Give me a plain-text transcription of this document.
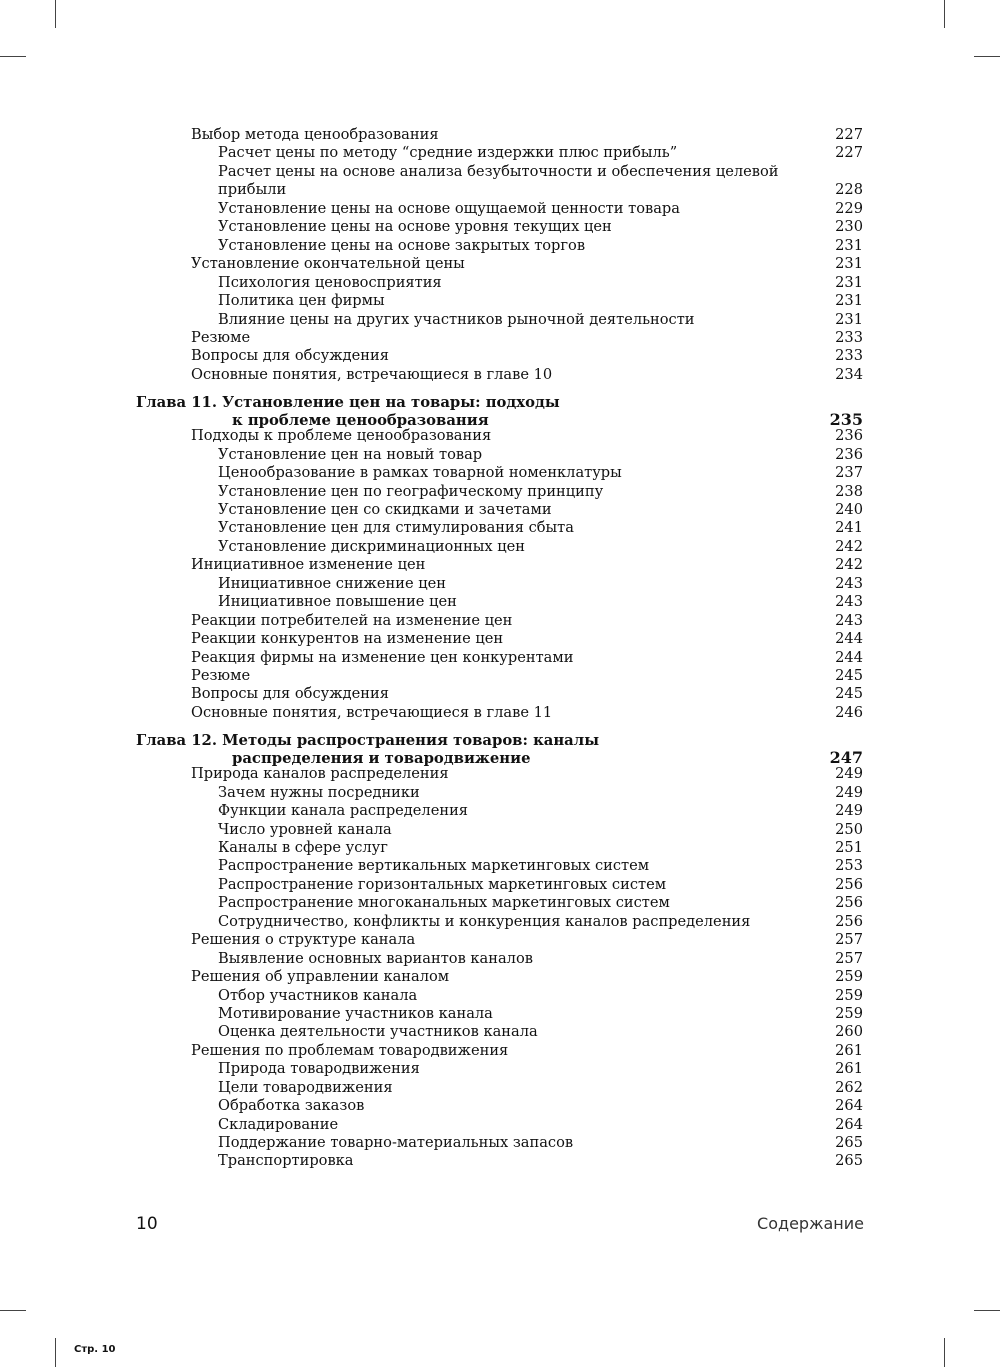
Выбор метода ценообразования	227
Расчет цены по методу “средние издержки плюс прибыль”	227
Расчет цены на основе анализа безубыточности и обеспечения целевой прибыли	228
Установление цены на основе ощущаемой ценности товара	229
Установление цены на основе уровня текущих цен	230
Установление цены на основе закрытых торгов	231
Установление окончательной цены	231
Психология ценовосприятия	231
Политика цен фирмы	231
Влияние цены на других участников рыночной деятельности	231
Резюме	233
Вопросы для обсуждения	233
Основные понятия, встречающиеся в главе 10	234
Глава 11. Установление цен на товары: подходы
к проблеме ценообразования	235
Подходы к проблеме ценообразования	236
Установление цен на новый товар	236
Ценообразование в рамках товарной номенклатуры	237
Установление цен по географическому принципу	238
Установление цен со скидками и зачетами	240
Установление цен для стимулирования сбыта	241
Установление дискриминационных цен	242
Инициативное изменение цен	242
Инициативное снижение цен	243
Инициативное повышение цен	243
Реакции потребителей на изменение цен	243
Реакции конкурентов на изменение цен	244
Реакция фирмы на изменение цен конкурентами	244
Резюме	245
Вопросы для обсуждения	245
Основные понятия, встречающиеся в главе 11	246
Глава 12. Методы распространения товаров: каналы
распределения и товародвижение	247
Природа каналов распределения	249
Зачем нужны посредники	249
Функции канала распределения	249
Число уровней канала	250
Каналы в сфере услуг	251
Распространение вертикальных маркетинговых систем	253
Распространение горизонтальных маркетинговых систем	256
Распространение многоканальных маркетинговых систем	256
Сотрудничество, конфликты и конкуренция каналов распределения	256
Решения о структуре канала	257
Выявление основных вариантов каналов	257
Решения об управлении каналом	259
Отбор участников канала	259
Мотивирование участников канала	259
Оценка деятельности участников канала	260
Решения по проблемам товародвижения	261
Природа товародвижения	261
Цели товародвижения	262
Обработка заказов	264
Складирование	264
Поддержание товарно-материальных запасов	265
Транспортировка	265
10	Содержание
Стр. 10
